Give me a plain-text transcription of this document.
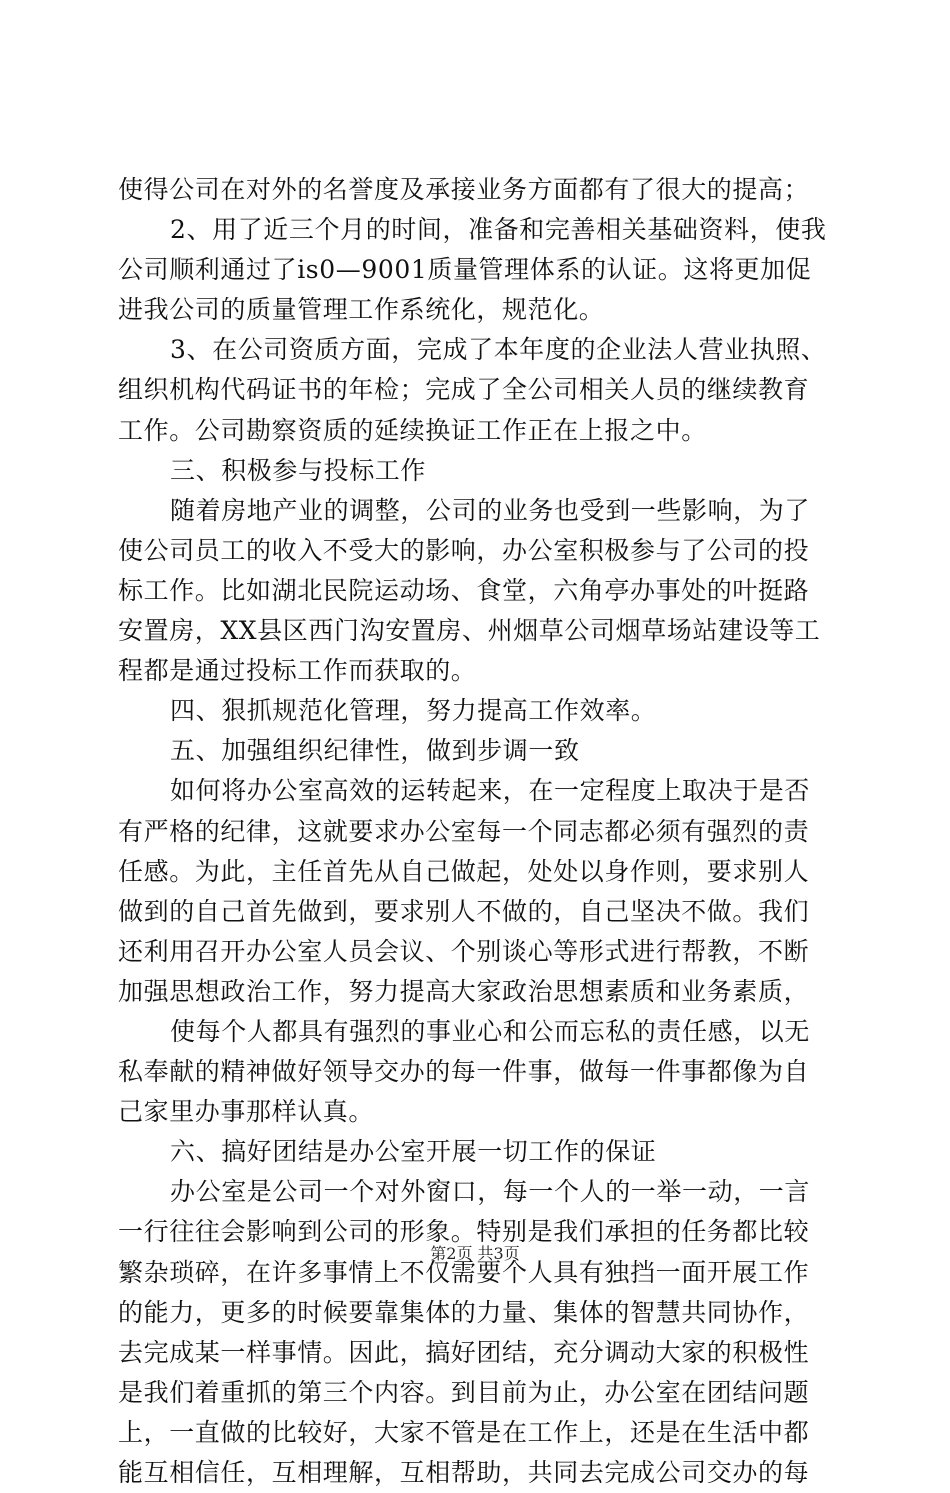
使得公司在对外的名誉度及承接业务方面都有了很大的提高；
2、用了近三个月的时间，准备和完善相关基础资料，使我
公司顺利通过了is0—9001质量管理体系的认证。这将更加促
进我公司的质量管理工作系统化，规范化。
3、在公司资质方面，完成了本年度的企业法人营业执照、
组织机构代码证书的年检；完成了全公司相关人员的继续教育
工作。公司勘察资质的延续换证工作正在上报之中。
三、积极参与投标工作
随着房地产业的调整，公司的业务也受到一些影响，为了
使公司员工的收入不受大的影响，办公室积极参与了公司的投
标工作。比如湖北民院运动场、食堂，六角亭办事处的叶挺路
安置房，XX县区西门沟安置房、州烟草公司烟草场站建设等工
程都是通过投标工作而获取的。
四、狠抓规范化管理，努力提高工作效率。
五、加强组织纪律性，做到步调一致
如何将办公室高效的运转起来，在一定程度上取决于是否
有严格的纪律，这就要求办公室每一个同志都必须有强烈的责
任感。为此，主任首先从自己做起，处处以身作则，要求别人
做到的自己首先做到，要求别人不做的，自己坚决不做。我们
还利用召开办公室人员会议、个别谈心等形式进行帮教，不断
加强思想政治工作，努力提高大家政治思想素质和业务素质，
使每个人都具有强烈的事业心和公而忘私的责任感，以无
私奉献的精神做好领导交办的每一件事，做每一件事都像为自
己家里办事那样认真。
六、搞好团结是办公室开展一切工作的保证
办公室是公司一个对外窗口，每一个人的一举一动，一言
一行往往会影响到公司的形象。特别是我们承担的任务都比较
繁杂琐碎，在许多事情上不仅需要个人具有独挡一面开展工作
的能力，更多的时候要靠集体的力量、集体的智慧共同协作，
去完成某一样事情。因此，搞好团结，充分调动大家的积极性
是我们着重抓的第三个内容。到目前为止，办公室在团结问题
上，一直做的比较好，大家不管是在工作上，还是在生活中都
能互相信任，互相理解，互相帮助，共同去完成公司交办的每
第2页 共3页
